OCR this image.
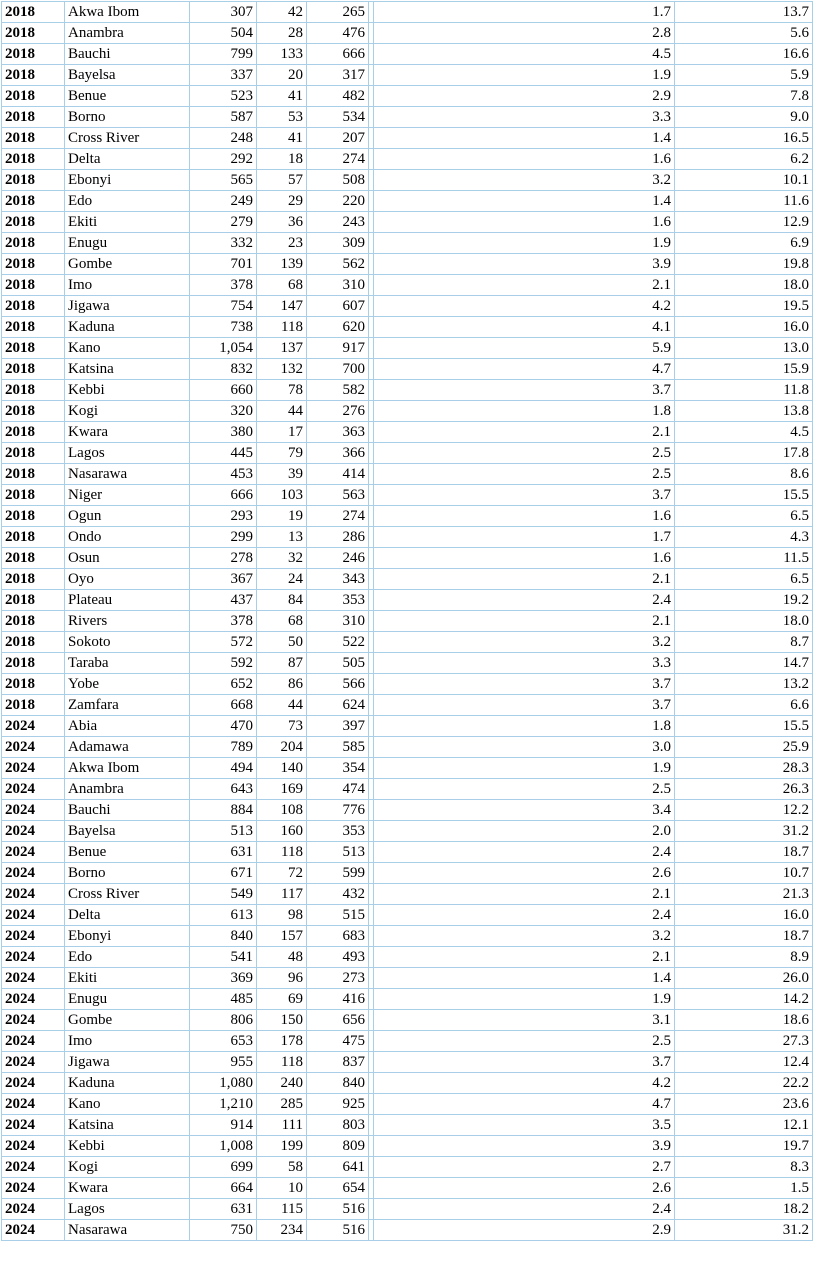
2018	Akwa Ibom	307	42	265		1.7	13.7
2018	Anambra	504	28	476		2.8	5.6
2018	Bauchi	799	133	666		4.5	16.6
2018	Bayelsa	337	20	317		1.9	5.9
2018	Benue	523	41	482		2.9	7.8
2018	Borno	587	53	534		3.3	9.0
2018	Cross River	248	41	207		1.4	16.5
2018	Delta	292	18	274		1.6	6.2
2018	Ebonyi	565	57	508		3.2	10.1
2018	Edo	249	29	220		1.4	11.6
2018	Ekiti	279	36	243		1.6	12.9
2018	Enugu	332	23	309		1.9	6.9
2018	Gombe	701	139	562		3.9	19.8
2018	Imo	378	68	310		2.1	18.0
2018	Jigawa	754	147	607		4.2	19.5
2018	Kaduna	738	118	620		4.1	16.0
2018	Kano	1,054	137	917		5.9	13.0
2018	Katsina	832	132	700		4.7	15.9
2018	Kebbi	660	78	582		3.7	11.8
2018	Kogi	320	44	276		1.8	13.8
2018	Kwara	380	17	363		2.1	4.5
2018	Lagos	445	79	366		2.5	17.8
2018	Nasarawa	453	39	414		2.5	8.6
2018	Niger	666	103	563		3.7	15.5
2018	Ogun	293	19	274		1.6	6.5
2018	Ondo	299	13	286		1.7	4.3
2018	Osun	278	32	246		1.6	11.5
2018	Oyo	367	24	343		2.1	6.5
2018	Plateau	437	84	353		2.4	19.2
2018	Rivers	378	68	310		2.1	18.0
2018	Sokoto	572	50	522		3.2	8.7
2018	Taraba	592	87	505		3.3	14.7
2018	Yobe	652	86	566		3.7	13.2
2018	Zamfara	668	44	624		3.7	6.6
2024	Abia	470	73	397		1.8	15.5
2024	Adamawa	789	204	585		3.0	25.9
2024	Akwa Ibom	494	140	354		1.9	28.3
2024	Anambra	643	169	474		2.5	26.3
2024	Bauchi	884	108	776		3.4	12.2
2024	Bayelsa	513	160	353		2.0	31.2
2024	Benue	631	118	513		2.4	18.7
2024	Borno	671	72	599		2.6	10.7
2024	Cross River	549	117	432		2.1	21.3
2024	Delta	613	98	515		2.4	16.0
2024	Ebonyi	840	157	683		3.2	18.7
2024	Edo	541	48	493		2.1	8.9
2024	Ekiti	369	96	273		1.4	26.0
2024	Enugu	485	69	416		1.9	14.2
2024	Gombe	806	150	656		3.1	18.6
2024	Imo	653	178	475		2.5	27.3
2024	Jigawa	955	118	837		3.7	12.4
2024	Kaduna	1,080	240	840		4.2	22.2
2024	Kano	1,210	285	925		4.7	23.6
2024	Katsina	914	111	803		3.5	12.1
2024	Kebbi	1,008	199	809		3.9	19.7
2024	Kogi	699	58	641		2.7	8.3
2024	Kwara	664	10	654		2.6	1.5
2024	Lagos	631	115	516		2.4	18.2
2024	Nasarawa	750	234	516		2.9	31.2
